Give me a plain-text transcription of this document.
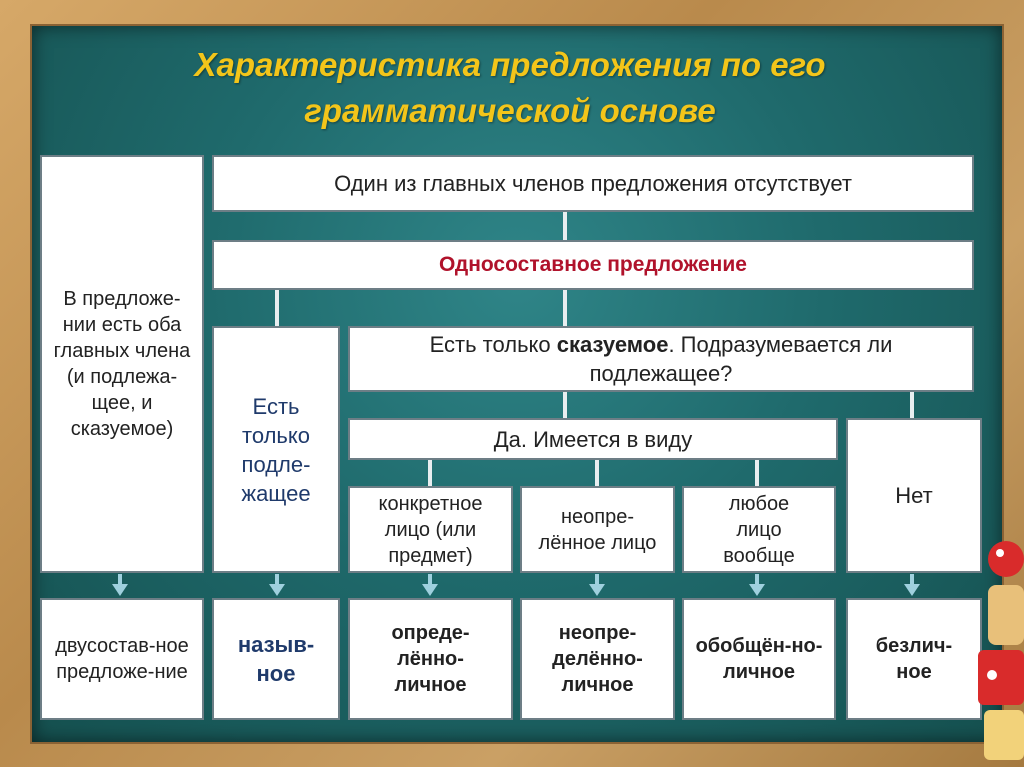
Характеристика предложения по его грамматической основе
В предложе-нии есть оба главных члена (и подлежа-щее, и сказуемое)
Один из главных членов предложения отсутствует
Односоставное предложение
Есть только подле-жащее
Есть только сказуемое. Подразумевается ли подлежащее?
Да. Имеется в виду
Нет
конкретное лицо (или предмет)
неопре-лённое лицо
любое лицо вообще
двусостав-ное предложе-ние
назыв-ное
опреде-лённо-личное
неопре-делённо-личное
обобщён-но-личное
безлич-ное
